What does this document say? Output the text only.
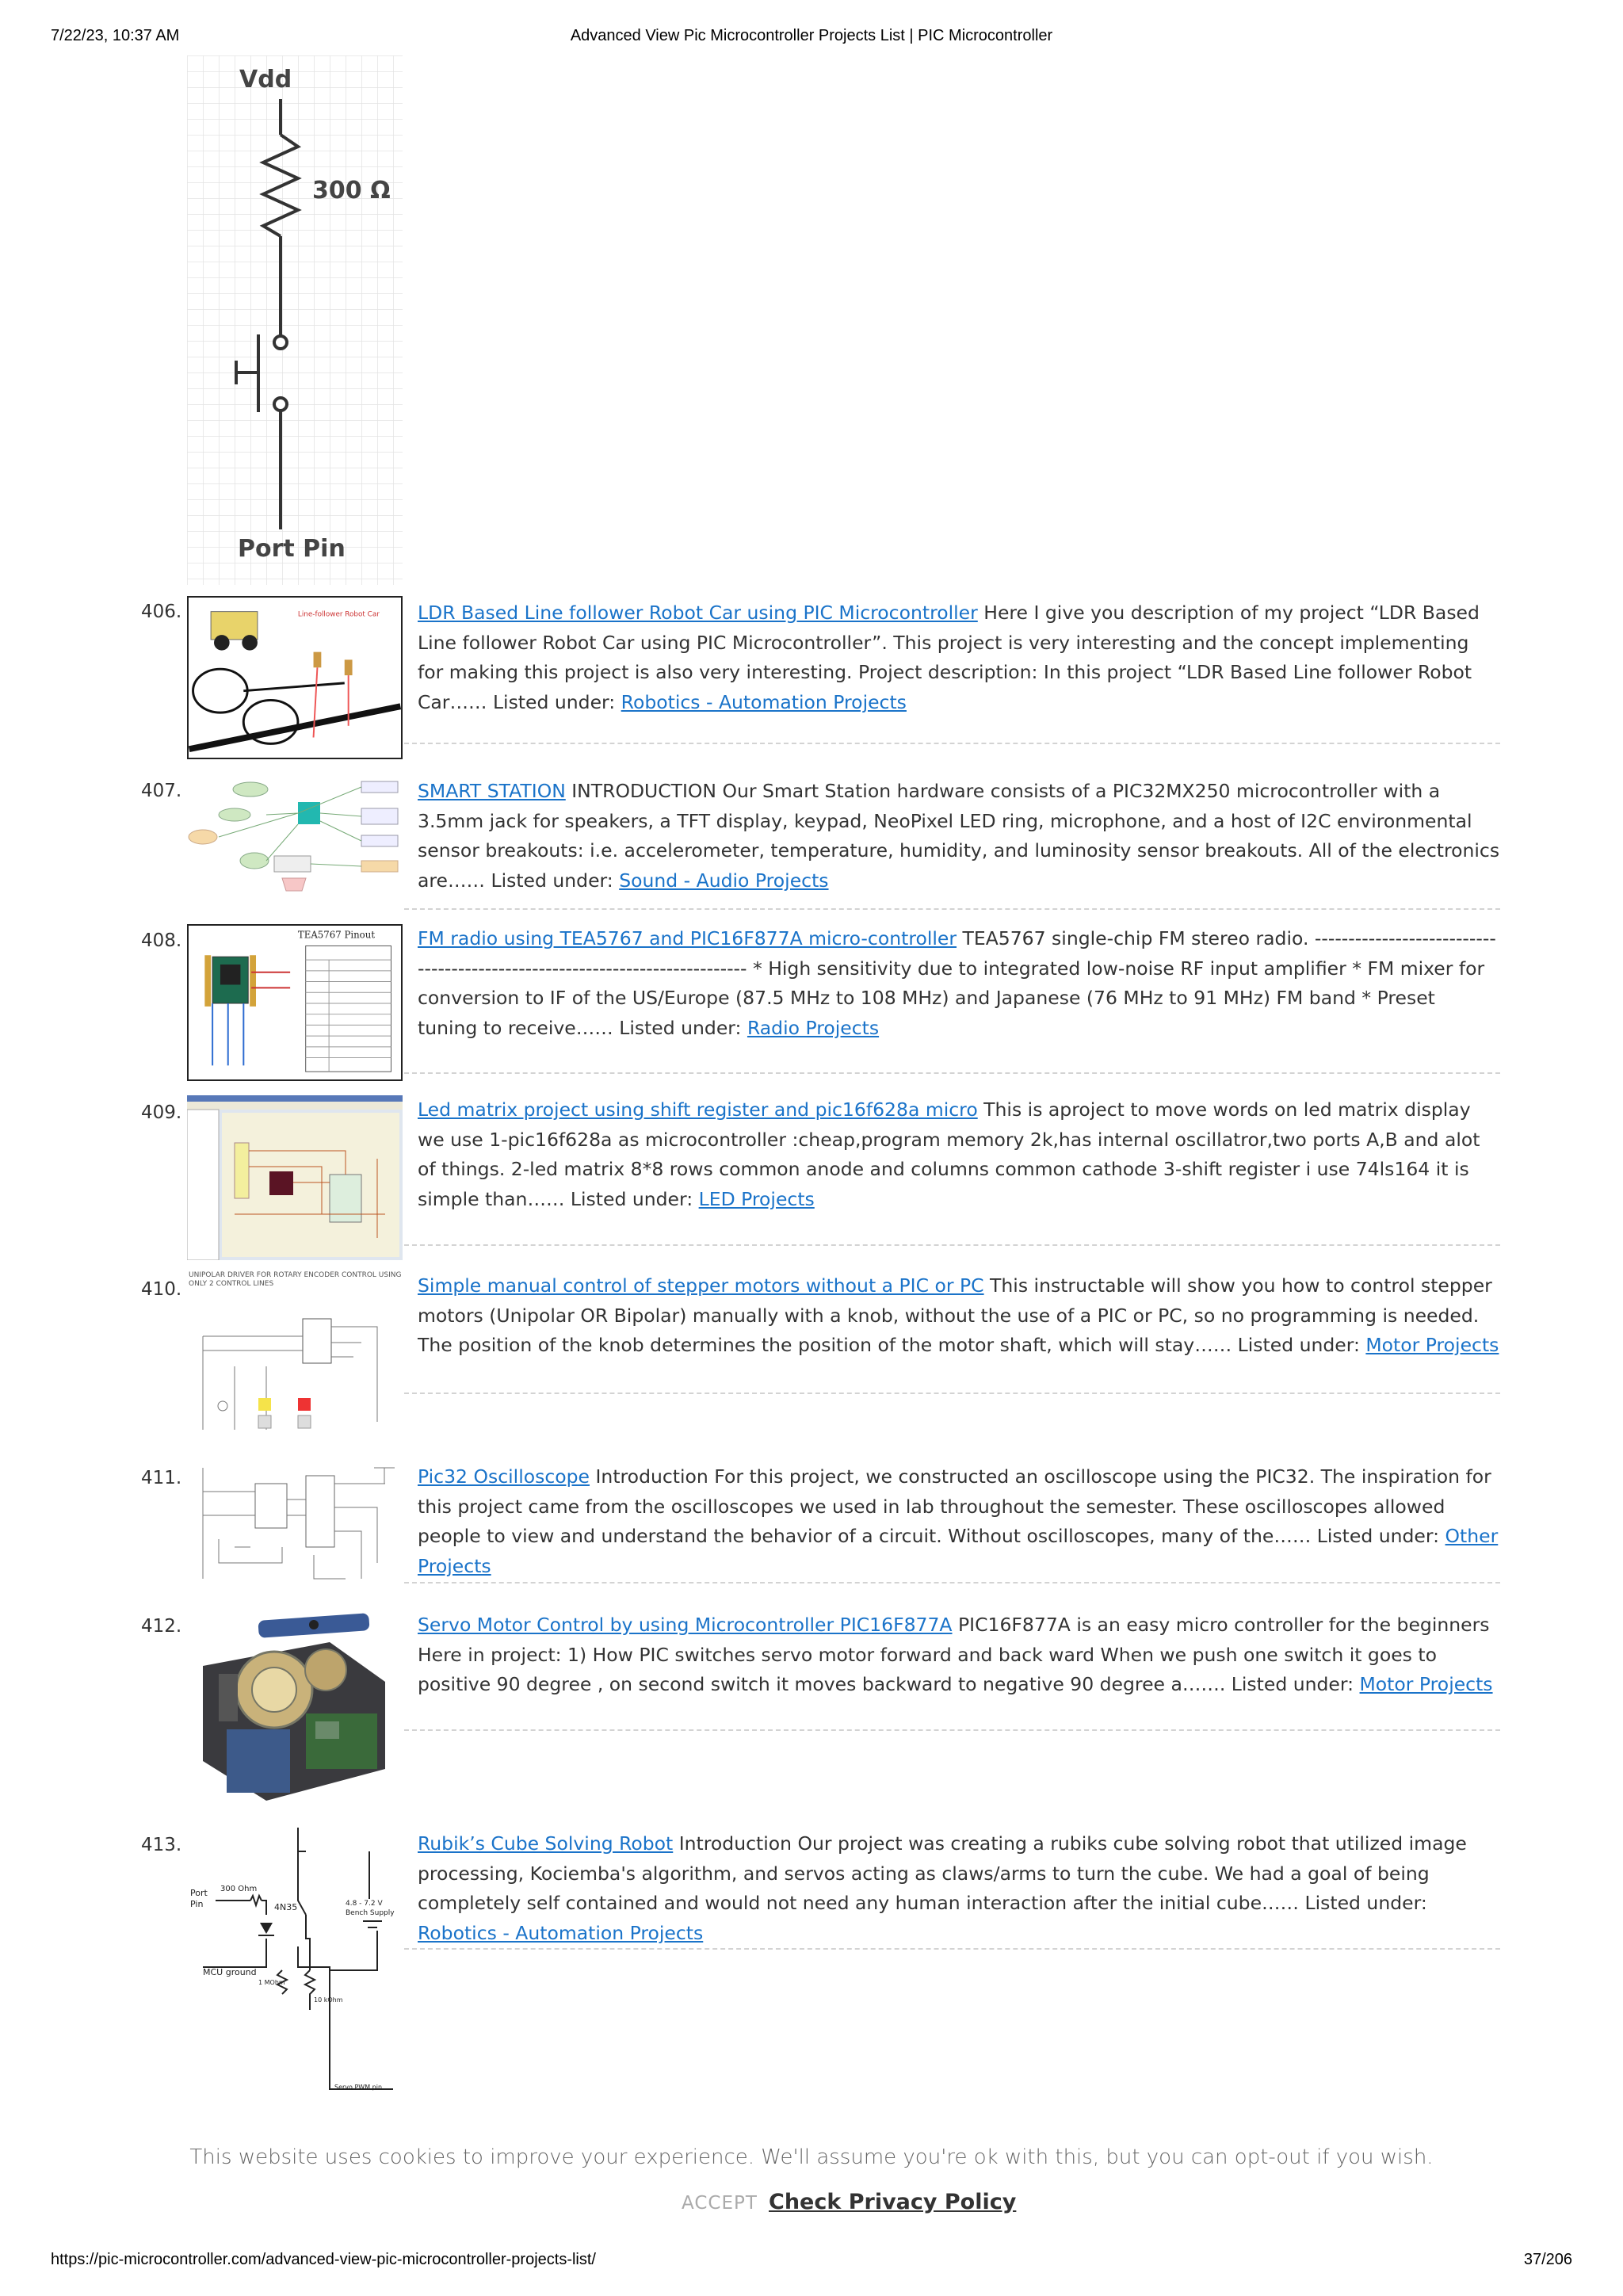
7/22/23, 10:37 AM	Advanced View Pic Microcontroller Projects List | PIC Microcontroller
Vdd
300 Ω
Port Pin
406.	Line-follower Robot Car LDR Based Line follower Robot Car using PIC Microcontroller Here I give you description of my project “LDR Based Line follower Robot Car using PIC Microcontroller”. This project is very interesting and the concept implementing for making this project is also very interesting. Project description: In this project “LDR Based Line follower Robot Car…… Listed under: Robotics - Automation Projects
407.	SMART STATION INTRODUCTION Our Smart Station hardware consists of a PIC32MX250 microcontroller with a 3.5mm jack for speakers, a TFT display, keypad, NeoPixel LED ring, microphone, and a host of I2C environmental sensor breakouts: i.e. accelerometer, temperature, humidity, and luminosity sensor breakouts. All of the electronics are…… Listed under: Sound - Audio Projects
408.	TEA5767 Pinout FM radio using TEA5767 and PIC16F877A micro-controller TEA5767 single-chip FM stereo radio. ---------------------------------------------------------------------------- * High sensitivity due to integrated low-noise RF input amplifier * FM mixer for conversion to IF of the US/Europe (87.5 MHz to 108 MHz) and Japanese (76 MHz to 91 MHz) FM band * Preset tuning to receive…… Listed under: Radio Projects
409.	Led matrix project using shift register and pic16f628a micro This is aproject to move words on led matrix display we use 1-pic16f628a as microcontroller :cheap,program memory 2k,has internal oscillatror,two ports A,B and alot of things. 2-led matrix 8*8 rows common anode and columns common cathode 3-shift register i use 74ls164 it is simple than…… Listed under: LED Projects
410.
UNIPOLAR DRIVER FOR ROTARY ENCODER CONTROL USING ONLY 2 CONTROL LINES	Simple manual control of stepper motors without a PIC or PC This instructable will show you how to control stepper motors (Unipolar OR Bipolar) manually with a knob, without the use of a PIC or PC, so no programming is needed. The position of the knob determines the position of the motor shaft, which will stay…… Listed under: Motor Projects
411.	Pic32 Oscilloscope Introduction For this project, we constructed an oscilloscope using the PIC32. The inspiration for this project came from the oscilloscopes we used in lab throughout the semester. These oscilloscopes allowed people to view and understand the behavior of a circuit. Without oscilloscopes, many of the…… Listed under: Other Projects
412.	Servo Motor Control by using Microcontroller PIC16F877A PIC16F877A is an easy micro controller for the beginners Here in project: 1) How PIC switches servo motor forward and back ward When we push one switch it goes to positive 90 degree , on second switch it moves backward to negative 90 degree a……. Listed under: Motor Projects
413.
Port
Pin
300 Ohm
4N35	4.8 - 7.2 V
Bench Supply
MCU ground
1 MOhm
10 kOhm
Servo PWM pin
Rubik’s Cube Solving Robot Introduction Our project was creating a rubiks cube solving robot that utilized image processing, Kociemba's algorithm, and servos acting as claws/arms to turn the cube. We had a goal of being completely self contained and would not need any human interaction after the initial cube…… Listed under: Robotics - Automation Projects
This website uses cookies to improve your experience. We'll assume you're ok with this, but you can opt-out if you wish.
ACCEPT Check Privacy Policy
https://pic-microcontroller.com/advanced-view-pic-microcontroller-projects-list/	37/206
